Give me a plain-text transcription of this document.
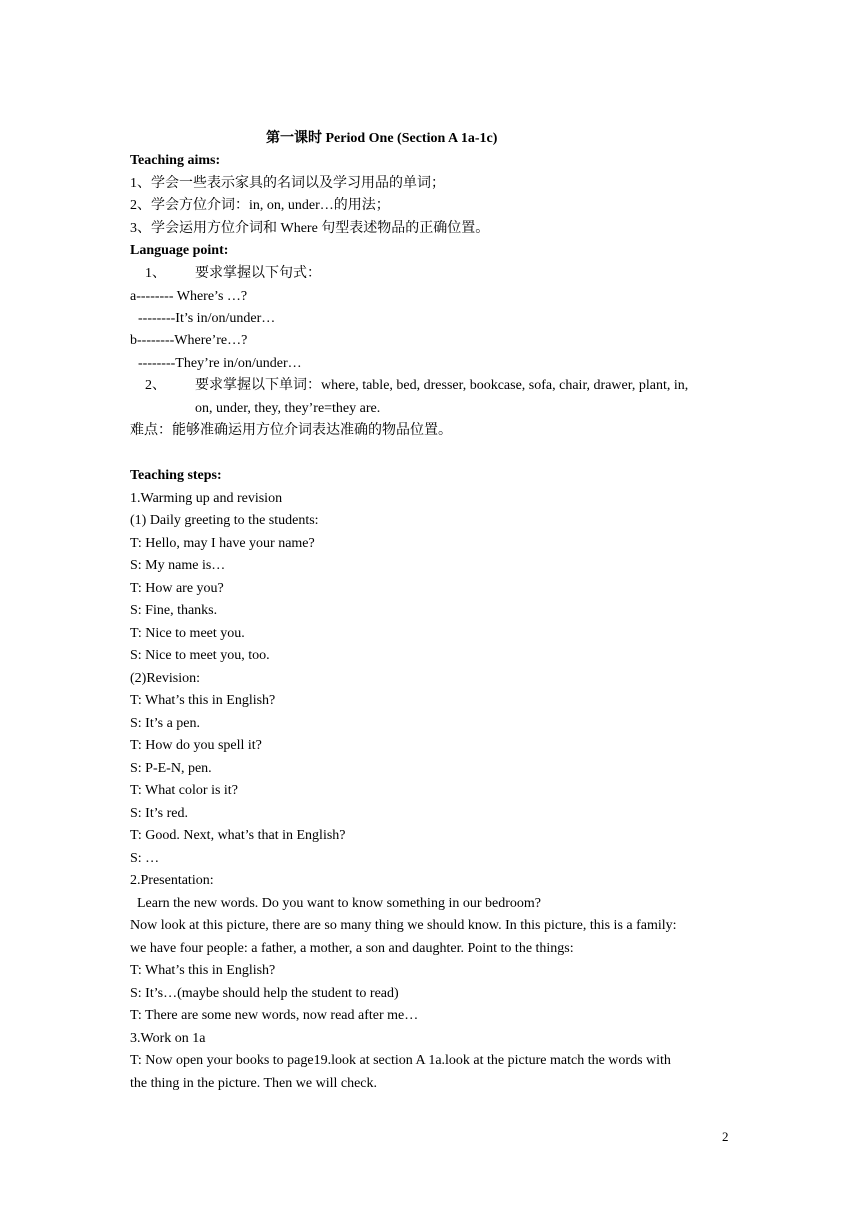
第一课时 Period One (Section A 1a-1c)
Teaching aims:
1、学会一些表示家具的名词以及学习用品的单词；
2、学会方位介词：in, on, under…的用法；
3、学会运用方位介词和 Where 句型表述物品的正确位置。
Language point:
1、 要求掌握以下句式：
a-------- Where’s …?
--------It’s in/on/under…
b--------Where’re…?
--------They’re in/on/under…
2、 要求掌握以下单词：where, table, bed, dresser, bookcase, sofa, chair, drawer, plant, in,
on, under, they, they’re=they are.
难点：能够准确运用方位介词表达准确的物品位置。
Teaching steps:
1.Warming up and revision
(1) Daily greeting to the students:
T: Hello, may I have your name?
S: My name is…
T: How are you?
S: Fine, thanks.
T: Nice to meet you.
S: Nice to meet you, too.
(2)Revision:
T: What’s this in English?
S: It’s a pen.
T: How do you spell it?
S: P-E-N, pen.
T: What color is it?
S: It’s red.
T: Good. Next, what’s that in English?
S: …
2.Presentation:
Learn the new words. Do you want to know something in our bedroom?
Now look at this picture, there are so many thing we should know. In this picture, this is a family:
we have four people: a father, a mother, a son and daughter. Point to the things:
T: What’s this in English?
S: It’s…(maybe should help the student to read)
T: There are some new words, now read after me…
3.Work on 1a
T: Now open your books to page19.look at section A 1a.look at the picture match the words with
the thing in the picture. Then we will check.
2
